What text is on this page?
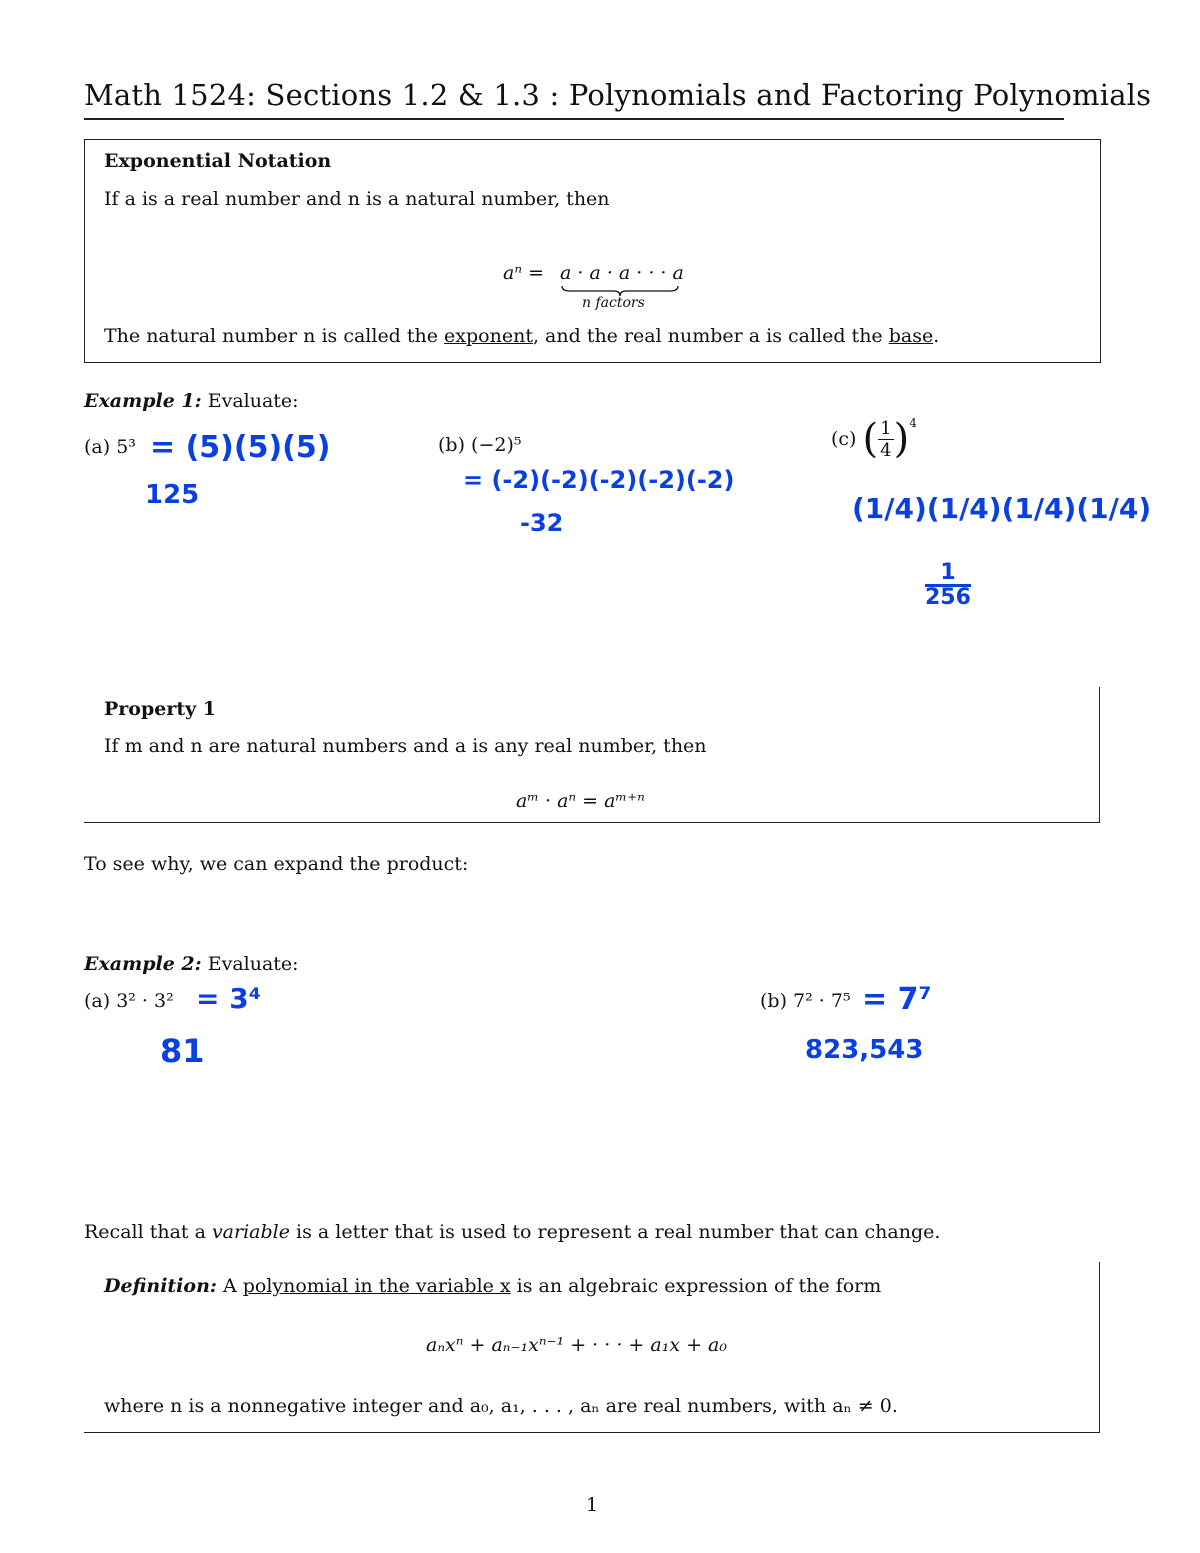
Math 1524: Sections 1.2 & 1.3 : Polynomials and Factoring Polynomials
Exponential Notation
If a is a real number and n is a natural number, then
aⁿ = a · a · a · · · a
n factors
The natural number n is called the exponent, and the real number a is called the base.
Example 1: Evaluate:
(a) 5³	(b) (−2)⁵	(c) ( $\frac{1}{4} )^4$
= (5)(5)(5)
125	= (-2)(-2)(-2)(-2)(-2)
-32	(1/4)(1/4)(1/4)(1/4)
$\frac{1}{256}$
Property 1
If m and n are natural numbers and a is any real number, then
aᵐ · aⁿ = aᵐ⁺ⁿ
To see why, we can expand the product:
Example 2: Evaluate:
(a) 3² · 3²	(b) 7² · 7⁵
= 3⁴
81
= 7⁷
823,543
Recall that a variable is a letter that is used to represent a real number that can change.
Definition: A polynomial in the variable x is an algebraic expression of the form
aₙxⁿ + aₙ₋₁xⁿ⁻¹ + · · · + a₁x + a₀
where n is a nonnegative integer and a₀, a₁, . . . , aₙ are real numbers, with aₙ ≠ 0.
1
